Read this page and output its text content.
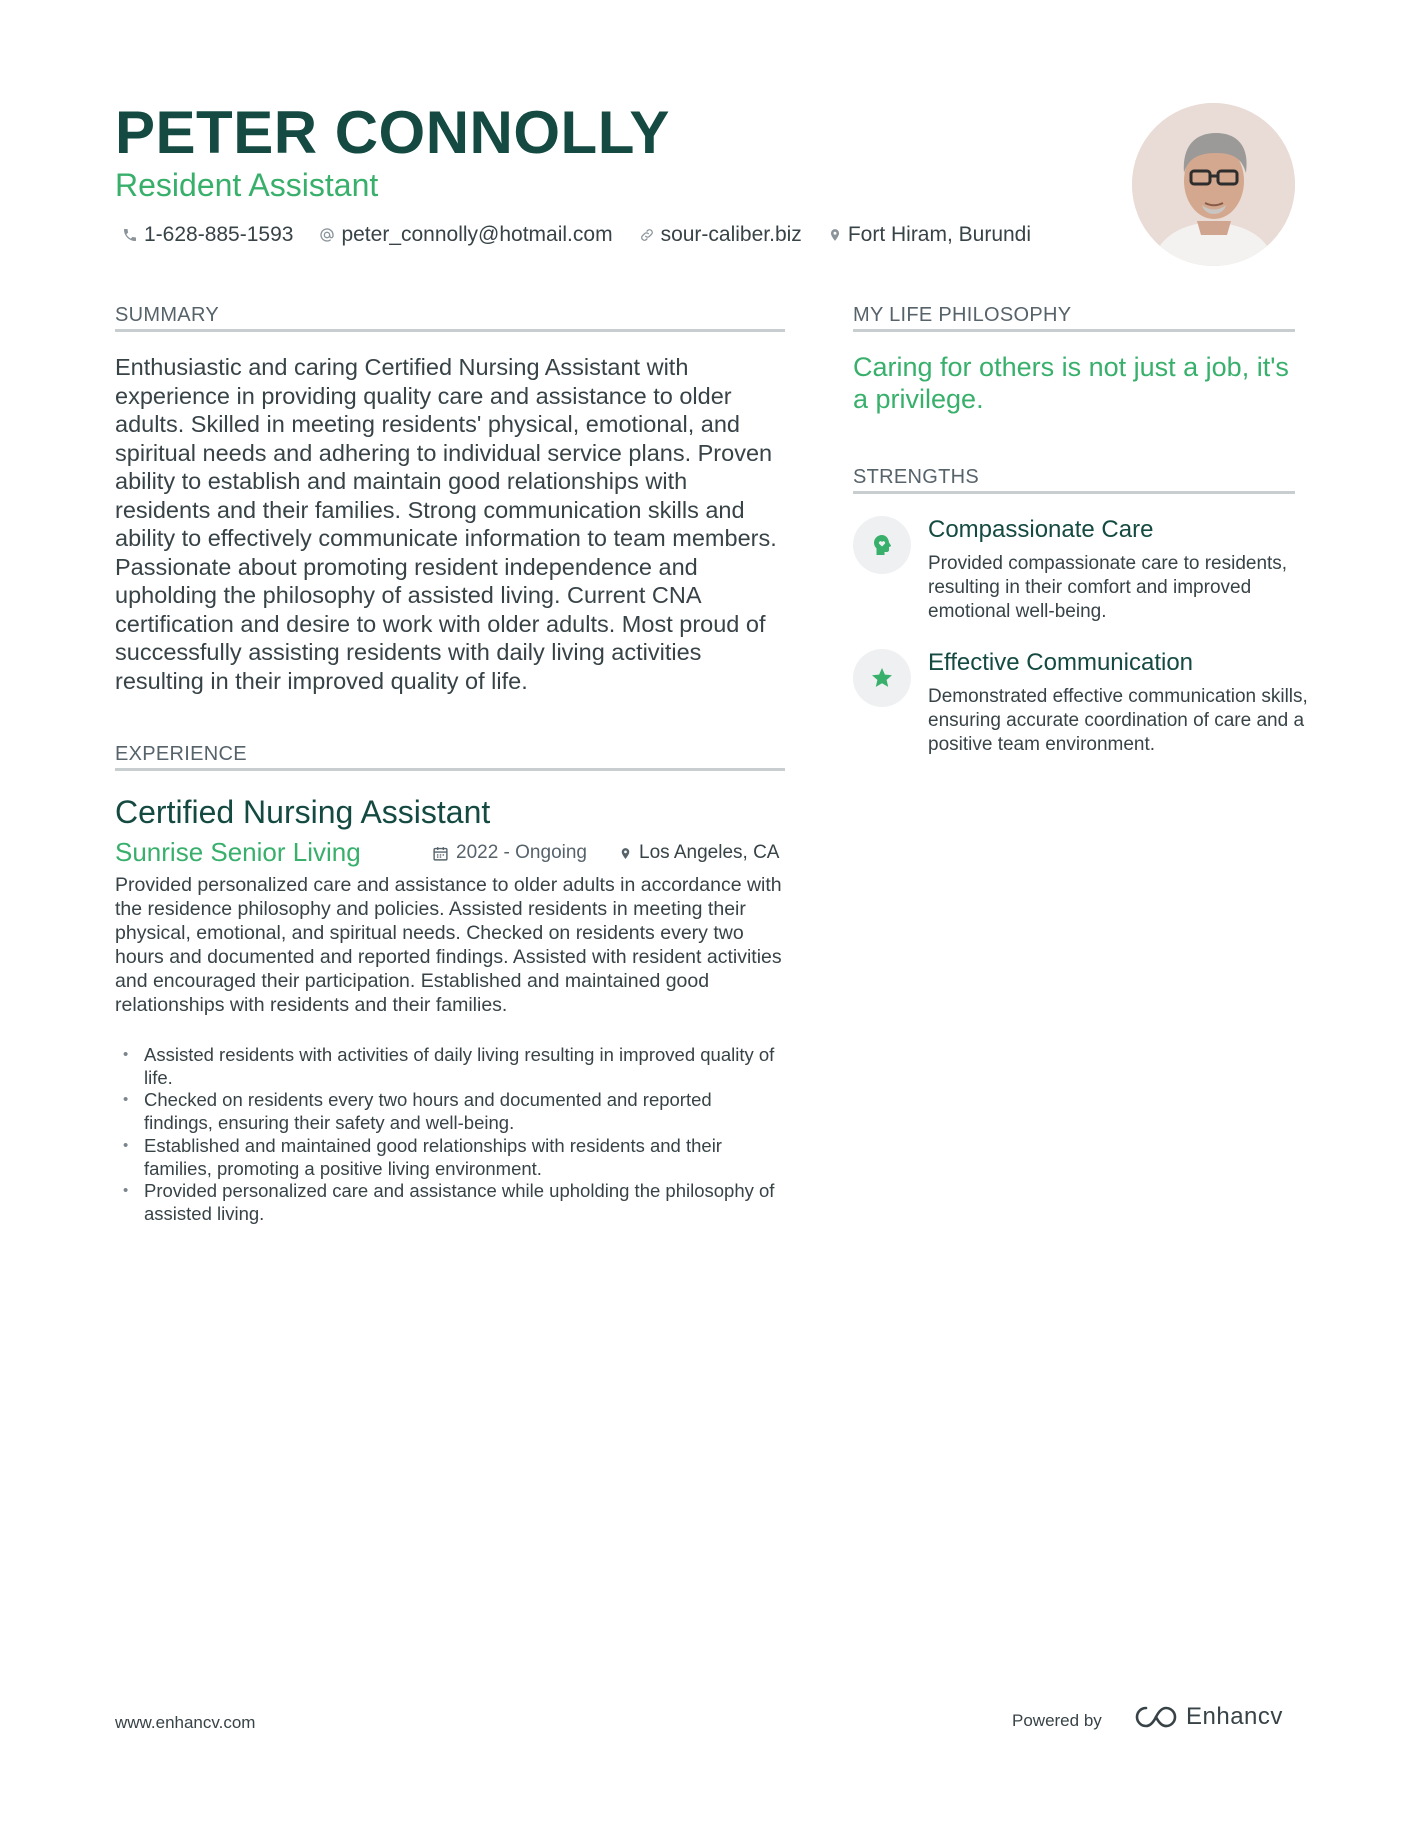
PETER CONNOLLY
Resident Assistant
1-628-885-1593 peter_connolly@hotmail.com sour-caliber.biz Fort Hiram, Burundi
SUMMARY
Enthusiastic and caring Certified Nursing Assistant with experience in providing quality care and assistance to older adults. Skilled in meeting residents' physical, emotional, and spiritual needs and adhering to individual service plans. Proven ability to establish and maintain good relationships with residents and their families. Strong communication skills and ability to effectively communicate information to team members. Passionate about promoting resident independence and upholding the philosophy of assisted living. Current CNA certification and desire to work with older adults. Most proud of successfully assisting residents with daily living activities resulting in their improved quality of life.
EXPERIENCE
Certified Nursing Assistant
Sunrise Senior Living	2022 - Ongoing	Los Angeles, CA
Provided personalized care and assistance to older adults in accordance with the residence philosophy and policies. Assisted residents in meeting their physical, emotional, and spiritual needs. Checked on residents every two hours and documented and reported findings. Assisted with resident activities and encouraged their participation. Established and maintained good relationships with residents and their families.
• Assisted residents with activities of daily living resulting in improved quality of life.
• Checked on residents every two hours and documented and reported findings, ensuring their safety and well-being.
• Established and maintained good relationships with residents and their families, promoting a positive living environment.
• Provided personalized care and assistance while upholding the philosophy of assisted living.
MY LIFE PHILOSOPHY
Caring for others is not just a job, it's a privilege.
STRENGTHS
Compassionate Care
Provided compassionate care to residents, resulting in their comfort and improved emotional well-being.
Effective Communication
Demonstrated effective communication skills, ensuring accurate coordination of care and a positive team environment.
www.enhancv.com	Powered by	Enhancv
